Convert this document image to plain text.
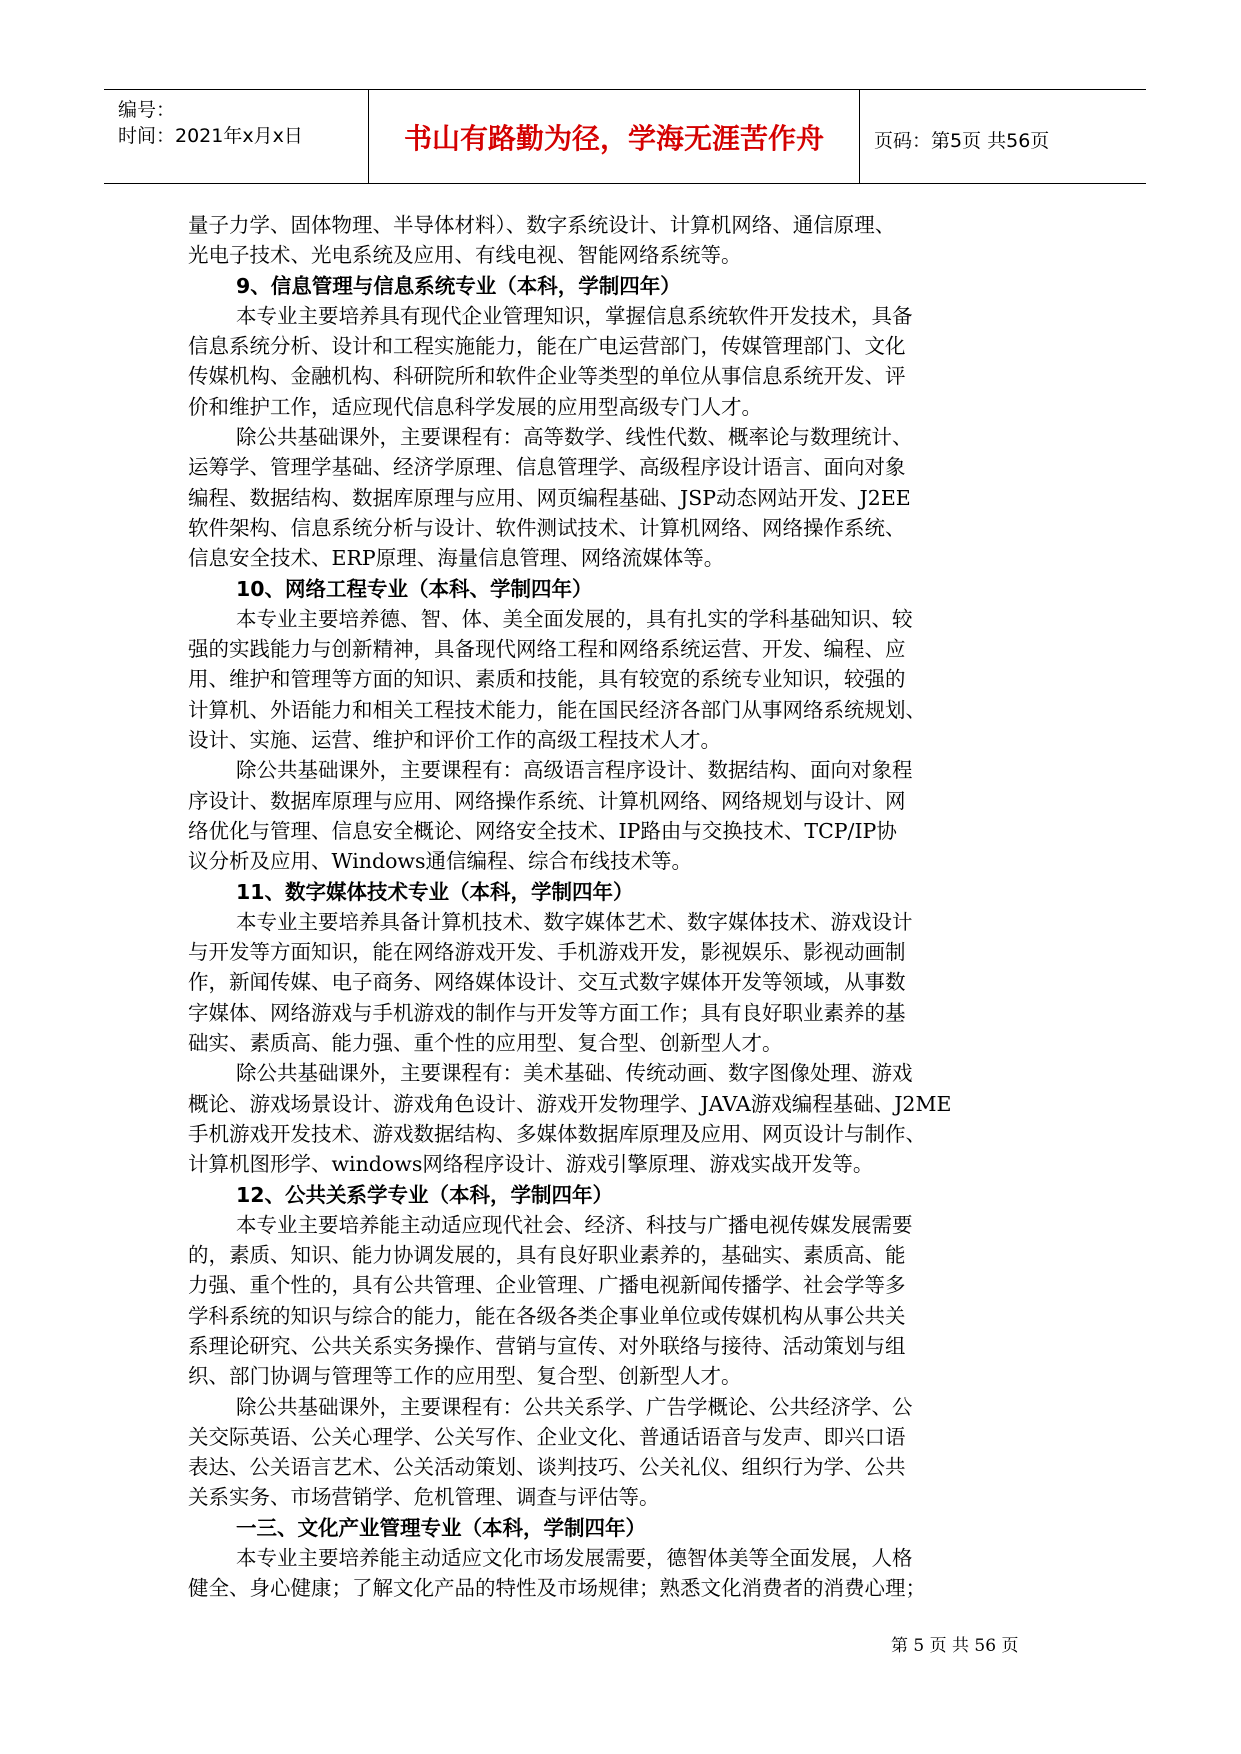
编号：
时间：2021年x月x日	书山有路勤为径，学海无涯苦作舟	页码：第5页 共56页
量子力学、固体物理、半导体材料）、数字系统设计、计算机网络、通信原理、
光电子技术、光电系统及应用、有线电视、智能网络系统等。
9、信息管理与信息系统专业（本科，学制四年）
本专业主要培养具有现代企业管理知识，掌握信息系统软件开发技术，具备
信息系统分析、设计和工程实施能力，能在广电运营部门，传媒管理部门、文化
传媒机构、金融机构、科研院所和软件企业等类型的单位从事信息系统开发、评
价和维护工作，适应现代信息科学发展的应用型高级专门人才。
除公共基础课外，主要课程有：高等数学、线性代数、概率论与数理统计、
运筹学、管理学基础、经济学原理、信息管理学、高级程序设计语言、面向对象
编程、数据结构、数据库原理与应用、网页编程基础、JSP动态网站开发、J2EE
软件架构、信息系统分析与设计、软件测试技术、计算机网络、网络操作系统、
信息安全技术、ERP原理、海量信息管理、网络流媒体等。
10、网络工程专业（本科、学制四年）
本专业主要培养德、智、体、美全面发展的，具有扎实的学科基础知识、较
强的实践能力与创新精神，具备现代网络工程和网络系统运营、开发、编程、应
用、维护和管理等方面的知识、素质和技能，具有较宽的系统专业知识，较强的
计算机、外语能力和相关工程技术能力，能在国民经济各部门从事网络系统规划、
设计、实施、运营、维护和评价工作的高级工程技术人才。
除公共基础课外，主要课程有：高级语言程序设计、数据结构、面向对象程
序设计、数据库原理与应用、网络操作系统、计算机网络、网络规划与设计、网
络优化与管理、信息安全概论、网络安全技术、IP路由与交换技术、TCP/IP协
议分析及应用、Windows通信编程、综合布线技术等。
11、数字媒体技术专业（本科，学制四年）
本专业主要培养具备计算机技术、数字媒体艺术、数字媒体技术、游戏设计
与开发等方面知识，能在网络游戏开发、手机游戏开发，影视娱乐、影视动画制
作，新闻传媒、电子商务、网络媒体设计、交互式数字媒体开发等领域，从事数
字媒体、网络游戏与手机游戏的制作与开发等方面工作；具有良好职业素养的基
础实、素质高、能力强、重个性的应用型、复合型、创新型人才。
除公共基础课外，主要课程有：美术基础、传统动画、数字图像处理、游戏
概论、游戏场景设计、游戏角色设计、游戏开发物理学、JAVA游戏编程基础、J2ME
手机游戏开发技术、游戏数据结构、多媒体数据库原理及应用、网页设计与制作、
计算机图形学、windows网络程序设计、游戏引擎原理、游戏实战开发等。
12、公共关系学专业（本科，学制四年）
本专业主要培养能主动适应现代社会、经济、科技与广播电视传媒发展需要
的，素质、知识、能力协调发展的，具有良好职业素养的，基础实、素质高、能
力强、重个性的，具有公共管理、企业管理、广播电视新闻传播学、社会学等多
学科系统的知识与综合的能力，能在各级各类企事业单位或传媒机构从事公共关
系理论研究、公共关系实务操作、营销与宣传、对外联络与接待、活动策划与组
织、部门协调与管理等工作的应用型、复合型、创新型人才。
除公共基础课外，主要课程有：公共关系学、广告学概论、公共经济学、公
关交际英语、公关心理学、公关写作、企业文化、普通话语音与发声、即兴口语
表达、公关语言艺术、公关活动策划、谈判技巧、公关礼仪、组织行为学、公共
关系实务、市场营销学、危机管理、调查与评估等。
一三、文化产业管理专业（本科，学制四年）
本专业主要培养能主动适应文化市场发展需要，德智体美等全面发展，人格
健全、身心健康；了解文化产品的特性及市场规律；熟悉文化消费者的消费心理；
第 5 页 共 56 页
